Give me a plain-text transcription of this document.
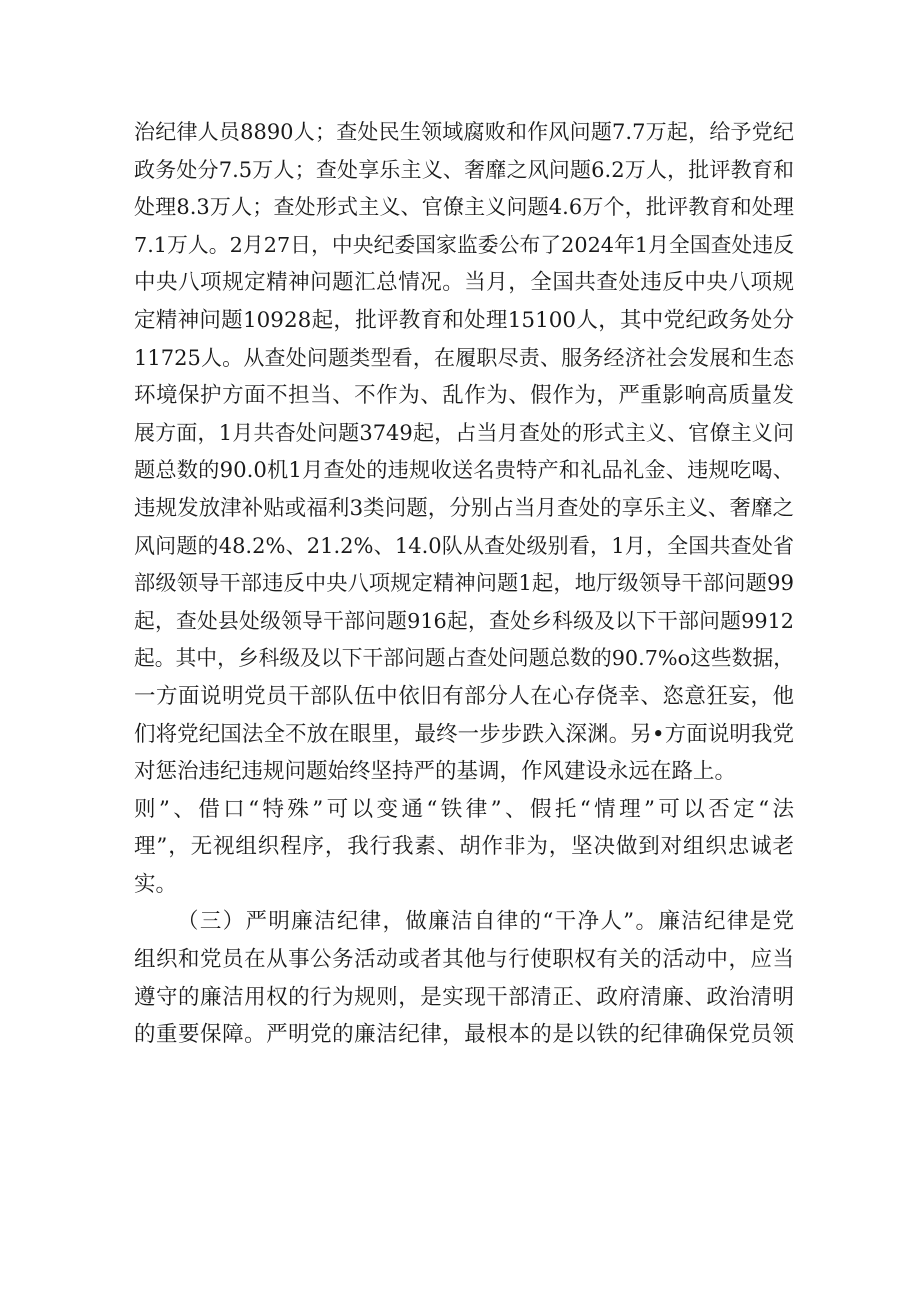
治纪律人员8890人；查处民生领域腐败和作风问题7.7万起，给予党纪
政务处分7.5万人；查处享乐主义、奢靡之风问题6.2万人，批评教育和
处理8.3万人；查处形式主义、官僚主义问题4.6万个，批评教育和处理
7.1万人。2月27日，中央纪委国家监委公布了2024年1月全国查处违反
中央八项规定精神问题汇总情况。当月，全国共查处违反中央八项规
定精神问题10928起，批评教育和处理15100人，其中党纪政务处分
11725人。从查处问题类型看，在履职尽责、服务经济社会发展和生态
环境保护方面不担当、不作为、乱作为、假作为，严重影响高质量发
展方面，1月共杳处问题3749起，占当月查处的形式主义、官僚主义问
题总数的90.0机1月查处的违规收送名贵特产和礼品礼金、违规吃喝、
违规发放津补贴或福利3类问题，分别占当月查处的享乐主义、奢靡之
风问题的48.2%、21.2%、14.0队从查处级别看，1月，全国共查处省
部级领导干部违反中央八项规定精神问题1起，地厅级领导干部问题99
起，查处县处级领导干部问题916起，查处乡科级及以下干部问题9912
起。其中，乡科级及以下干部问题占查处问题总数的90.7%o这些数据，
一方面说明党员干部队伍中依旧有部分人在心存侥幸、恣意狂妄，他
们将党纪国法全不放在眼里，最终一步步跌入深渊。另•方面说明我党
对惩治违纪违规问题始终坚持严的基调，作风建设永远在路上。
则”、借口“特殊”可以变通“铁律”、假托“情理”可以否定“法
理”，无视组织程序，我行我素、胡作非为，坚决做到对组织忠诚老
实。
（三）严明廉洁纪律，做廉洁自律的“干净人”。廉洁纪律是党
组织和党员在从事公务活动或者其他与行使职权有关的活动中，应当
遵守的廉洁用权的行为规则，是实现干部清正、政府清廉、政治清明
的重要保障。严明党的廉洁纪律，最根本的是以铁的纪律确保党员领
